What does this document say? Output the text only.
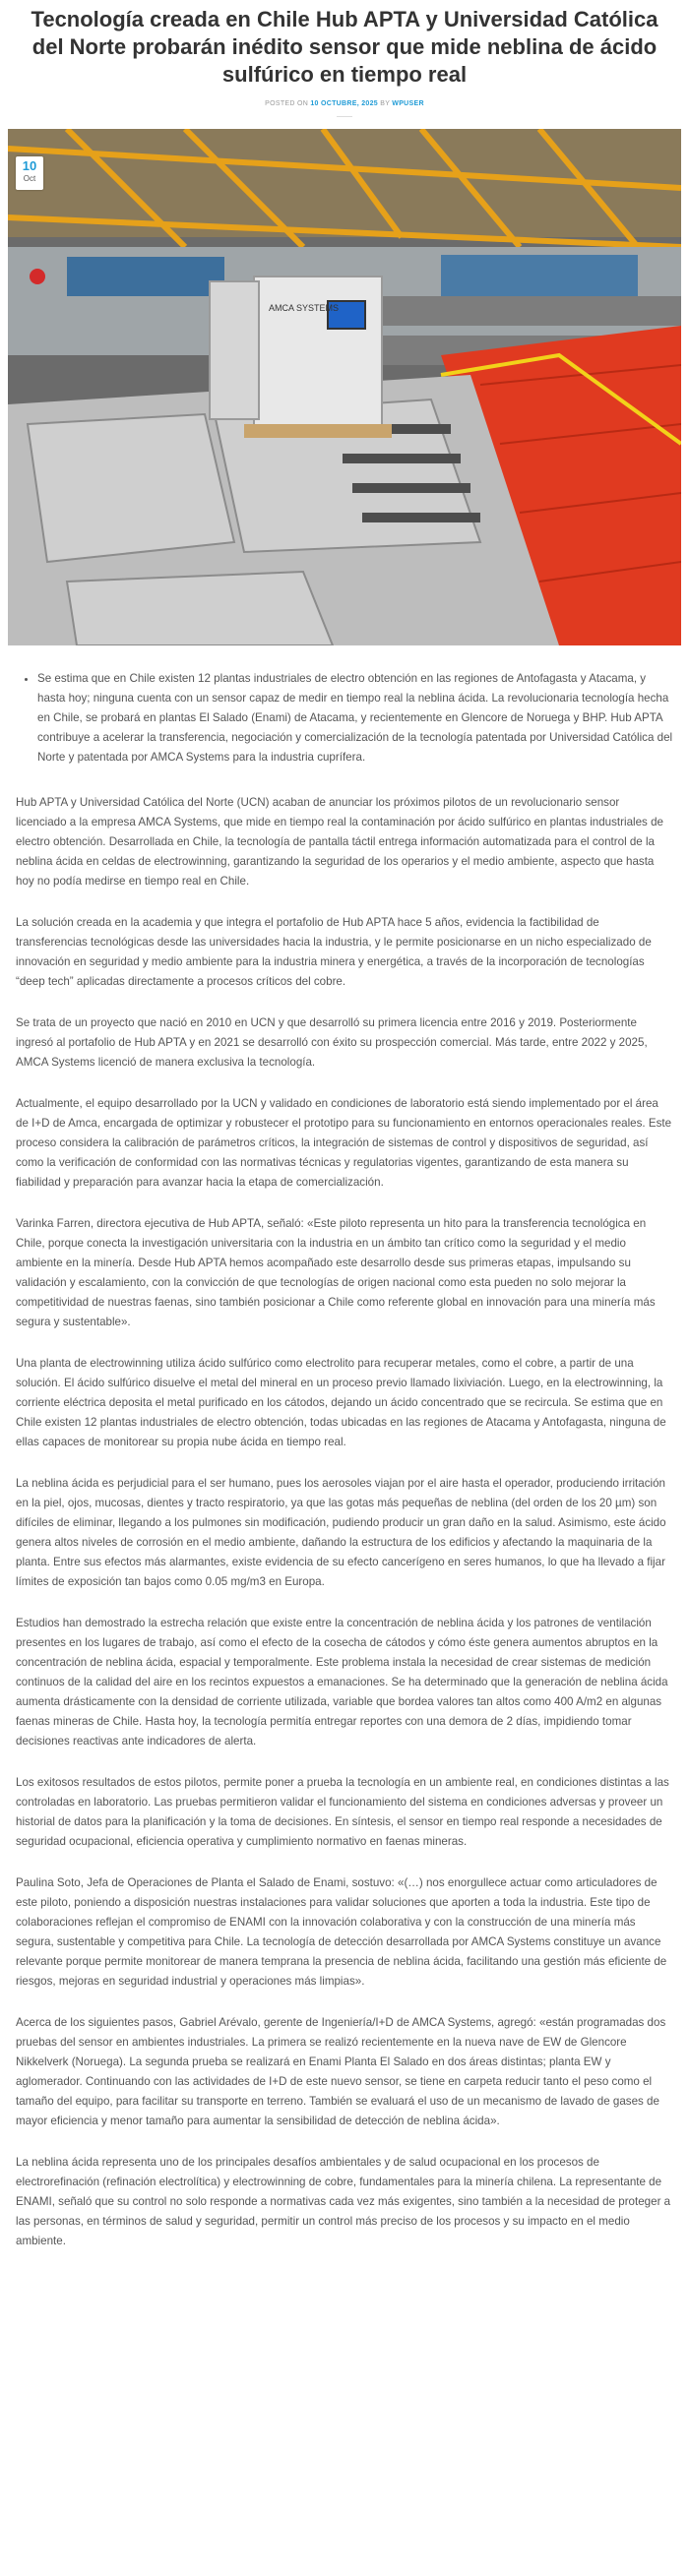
Tecnología creada en Chile Hub APTA y Universidad Católica del Norte probarán inédito sensor que mide neblina de ácido sulfúrico en tiempo real
POSTED ON 10 OCTUBRE, 2025 BY WPUSER
AMCA SYSTEMS
10
Oct
• Se estima que en Chile existen 12 plantas industriales de electro obtención en las regiones de Antofagasta y Atacama, y hasta hoy; ninguna cuenta con un sensor capaz de medir en tiempo real la neblina ácida. La revolucionaria tecnología hecha en Chile, se probará en plantas El Salado (Enami) de Atacama, y recientemente en Glencore de Noruega y BHP. Hub APTA contribuye a acelerar la transferencia, negociación y comercialización de la tecnología patentada por Universidad Católica del Norte y patentada por AMCA Systems para la industria cuprífera.

Hub APTA y Universidad Católica del Norte (UCN) acaban de anunciar los próximos pilotos de un revolucionario sensor licenciado a la empresa AMCA Systems, que mide en tiempo real la contaminación por ácido sulfúrico en plantas industriales de electro obtención. Desarrollada en Chile, la tecnología de pantalla táctil entrega información automatizada para el control de la neblina ácida en celdas de electrowinning, garantizando la seguridad de los operarios y el medio ambiente, aspecto que hasta hoy no podía medirse en tiempo real en Chile.

La solución creada en la academia y que integra el portafolio de Hub APTA hace 5 años, evidencia la factibilidad de transferencias tecnológicas desde las universidades hacia la industria, y le permite posicionarse en un nicho especializado de innovación en seguridad y medio ambiente para la industria minera y energética, a través de la incorporación de tecnologías “deep tech” aplicadas directamente a procesos críticos del cobre.

Se trata de un proyecto que nació en 2010 en UCN y que desarrolló su primera licencia entre 2016 y 2019. Posteriormente ingresó al portafolio de Hub APTA y en 2021 se desarrolló con éxito su prospección comercial. Más tarde, entre 2022 y 2025, AMCA Systems licenció de manera exclusiva la tecnología.

Actualmente, el equipo desarrollado por la UCN y validado en condiciones de laboratorio está siendo implementado por el área de I+D de Amca, encargada de optimizar y robustecer el prototipo para su funcionamiento en entornos operacionales reales. Este proceso considera la calibración de parámetros críticos, la integración de sistemas de control y dispositivos de seguridad, así como la verificación de conformidad con las normativas técnicas y regulatorias vigentes, garantizando de esta manera su fiabilidad y preparación para avanzar hacia la etapa de comercialización.

Varinka Farren, directora ejecutiva de Hub APTA, señaló: «Este piloto representa un hito para la transferencia tecnológica en Chile, porque conecta la investigación universitaria con la industria en un ámbito tan crítico como la seguridad y el medio ambiente en la minería. Desde Hub APTA hemos acompañado este desarrollo desde sus primeras etapas, impulsando su validación y escalamiento, con la convicción de que tecnologías de origen nacional como esta pueden no solo mejorar la competitividad de nuestras faenas, sino también posicionar a Chile como referente global en innovación para una minería más segura y sustentable».

Una planta de electrowinning utiliza ácido sulfúrico como electrolito para recuperar metales, como el cobre, a partir de una solución. El ácido sulfúrico disuelve el metal del mineral en un proceso previo llamado lixiviación. Luego, en la electrowinning, la corriente eléctrica deposita el metal purificado en los cátodos, dejando un ácido concentrado que se recircula. Se estima que en Chile existen 12 plantas industriales de electro obtención, todas ubicadas en las regiones de Atacama y Antofagasta, ninguna de ellas capaces de monitorear su propia nube ácida en tiempo real.

La neblina ácida es perjudicial para el ser humano, pues los aerosoles viajan por el aire hasta el operador, produciendo irritación en la piel, ojos, mucosas, dientes y tracto respiratorio, ya que las gotas más pequeñas de neblina (del orden de los 20 µm) son difíciles de eliminar, llegando a los pulmones sin modificación, pudiendo producir un gran daño en la salud. Asimismo, este ácido genera altos niveles de corrosión en el medio ambiente, dañando la estructura de los edificios y afectando la maquinaria de la planta. Entre sus efectos más alarmantes, existe evidencia de su efecto cancerígeno en seres humanos, lo que ha llevado a fijar límites de exposición tan bajos como 0.05 mg/m3 en Europa.

Estudios han demostrado la estrecha relación que existe entre la concentración de neblina ácida y los patrones de ventilación presentes en los lugares de trabajo, así como el efecto de la cosecha de cátodos y cómo éste genera aumentos abruptos en la concentración de neblina ácida, espacial y temporalmente. Este problema instala la necesidad de crear sistemas de medición continuos de la calidad del aire en los recintos expuestos a emanaciones. Se ha determinado que la generación de neblina ácida aumenta drásticamente con la densidad de corriente utilizada, variable que bordea valores tan altos como 400 A/m2 en algunas faenas mineras de Chile. Hasta hoy, la tecnología permitía entregar reportes con una demora de 2 días, impidiendo tomar decisiones reactivas ante indicadores de alerta.

Los exitosos resultados de estos pilotos, permite poner a prueba la tecnología en un ambiente real, en condiciones distintas a las controladas en laboratorio. Las pruebas permitieron validar el funcionamiento del sistema en condiciones adversas y proveer un historial de datos para la planificación y la toma de decisiones. En síntesis, el sensor en tiempo real responde a necesidades de seguridad ocupacional, eficiencia operativa y cumplimiento normativo en faenas mineras.

Paulina Soto, Jefa de Operaciones de Planta el Salado de Enami, sostuvo: «(…) nos enorgullece actuar como articuladores de este piloto, poniendo a disposición nuestras instalaciones para validar soluciones que aporten a toda la industria. Este tipo de colaboraciones reflejan el compromiso de ENAMI con la innovación colaborativa y con la construcción de una minería más segura, sustentable y competitiva para Chile. La tecnología de detección desarrollada por AMCA Systems constituye un avance relevante porque permite monitorear de manera temprana la presencia de neblina ácida, facilitando una gestión más eficiente de riesgos, mejoras en seguridad industrial y operaciones más limpias».

Acerca de los siguientes pasos, Gabriel Arévalo, gerente de Ingeniería/I+D de AMCA Systems, agregó: «están programadas dos pruebas del sensor en ambientes industriales. La primera se realizó recientemente en la nueva nave de EW de Glencore Nikkelverk (Noruega). La segunda prueba se realizará en Enami Planta El Salado en dos áreas distintas; planta EW y aglomerador. Continuando con las actividades de I+D de este nuevo sensor, se tiene en carpeta reducir tanto el peso como el tamaño del equipo, para facilitar su transporte en terreno. También se evaluará el uso de un mecanismo de lavado de gases de mayor eficiencia y menor tamaño para aumentar la sensibilidad de detección de neblina ácida».

La neblina ácida representa uno de los principales desafíos ambientales y de salud ocupacional en los procesos de electrorefinación (refinación electrolítica) y electrowinning de cobre, fundamentales para la minería chilena. La representante de ENAMI, señaló que su control no solo responde a normativas cada vez más exigentes, sino también a la necesidad de proteger a las personas, en términos de salud y seguridad, permitir un control más preciso de los procesos y su impacto en el medio ambiente.
